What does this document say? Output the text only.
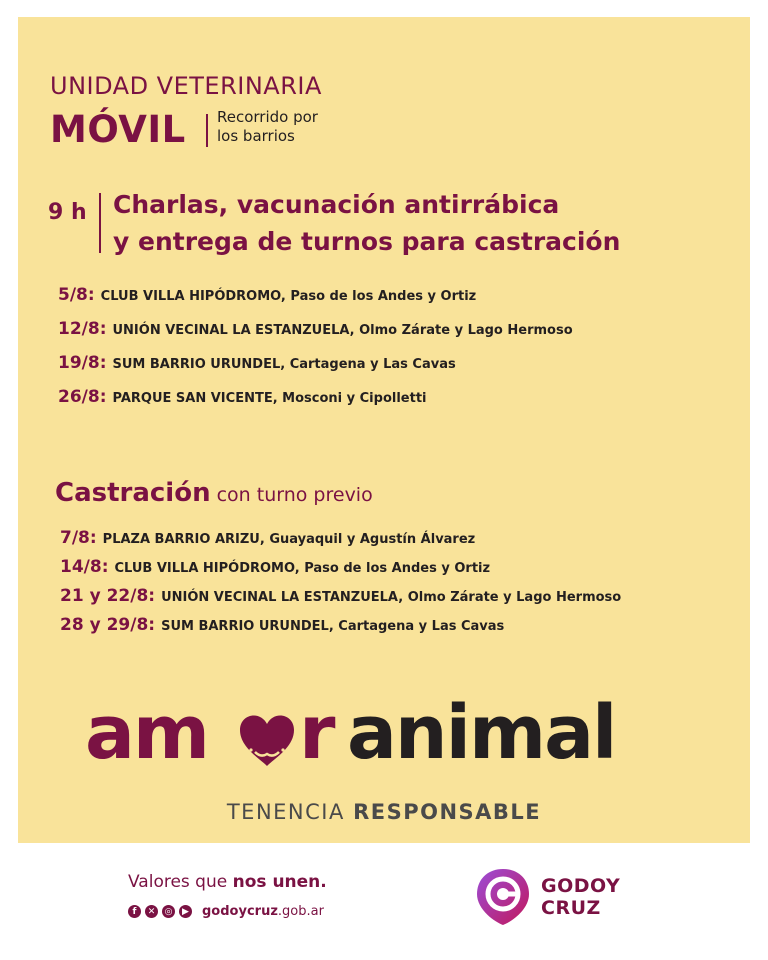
UNIDAD VETERINARIA
MÓVIL Recorrido por
los barrios
9 h Charlas, vacunación antirrábica
y entrega de turnos para castración
5/8: CLUB VILLA HIPÓDROMO, Paso de los Andes y Ortiz
12/8: UNIÓN VECINAL LA ESTANZUELA, Olmo Zárate y Lago Hermoso
19/8: SUM BARRIO URUNDEL, Cartagena y Las Cavas
26/8: PARQUE SAN VICENTE, Mosconi y Cipolletti
Castración con turno previo
7/8: PLAZA BARRIO ARIZU, Guayaquil y Agustín Álvarez
14/8: CLUB VILLA HIPÓDROMO, Paso de los Andes y Ortiz
21 y 22/8: UNIÓN VECINAL LA ESTANZUELA, Olmo Zárate y Lago Hermoso
28 y 29/8: SUM BARRIO URUNDEL, Cartagena y Las Cavas
am r animal
TENENCIA RESPONSABLE
Valores que nos unen.
f	✕	◎	▶ godoycruz.gob.ar
GODOY
CRUZ
